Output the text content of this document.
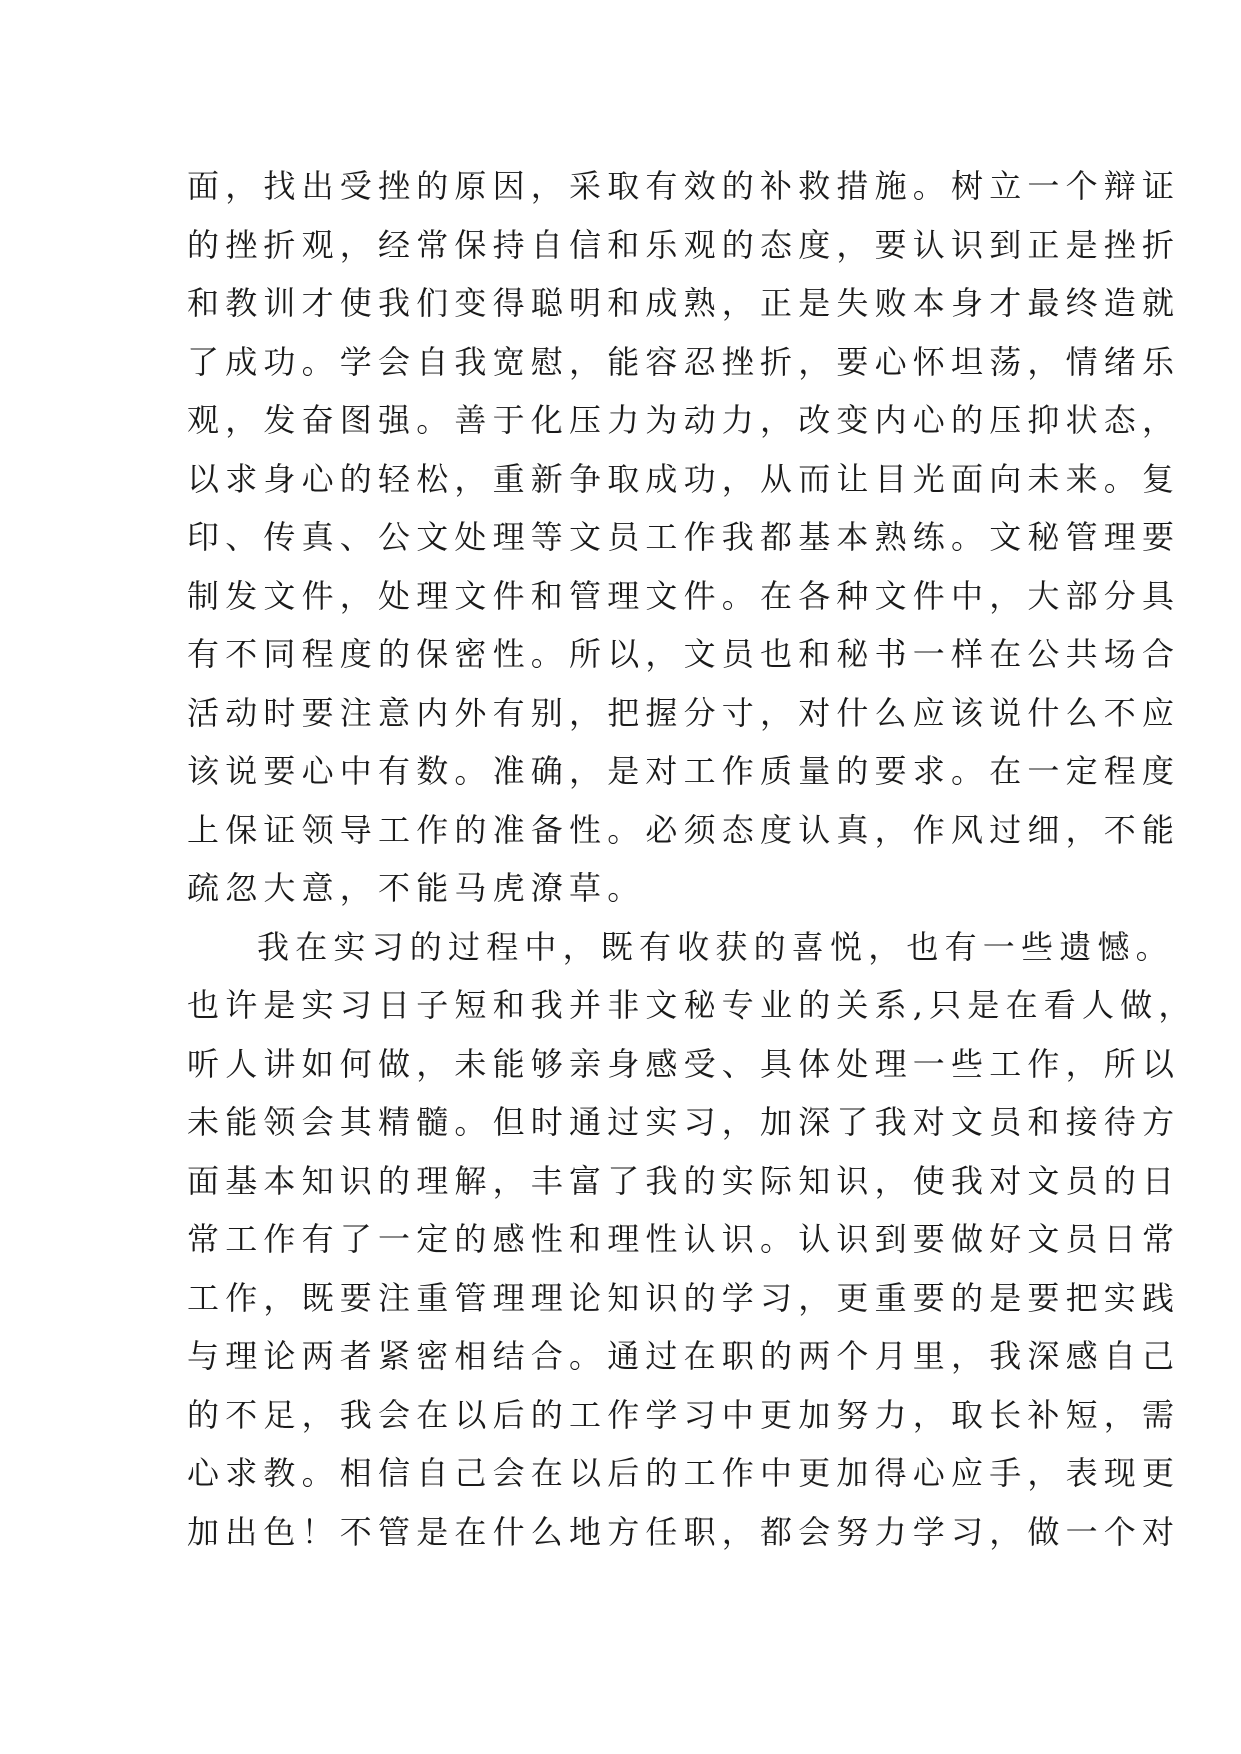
面，找出受挫的原因，采取有效的补救措施。树立一个辩证
的挫折观，经常保持自信和乐观的态度，要认识到正是挫折
和教训才使我们变得聪明和成熟，正是失败本身才最终造就
了成功。学会自我宽慰，能容忍挫折，要心怀坦荡，情绪乐
观，发奋图强。善于化压力为动力，改变内心的压抑状态，
以求身心的轻松，重新争取成功，从而让目光面向未来。复
印、传真、公文处理等文员工作我都基本熟练。文秘管理要
制发文件，处理文件和管理文件。在各种文件中，大部分具
有不同程度的保密性。所以，文员也和秘书一样在公共场合
活动时要注意内外有别，把握分寸，对什么应该说什么不应
该说要心中有数。准确，是对工作质量的要求。在一定程度
上保证领导工作的准备性。必须态度认真，作风过细，不能
疏忽大意，不能马虎潦草。
我在实习的过程中，既有收获的喜悦，也有一些遗憾。
也许是实习日子短和我并非文秘专业的关系,只是在看人做，
听人讲如何做，未能够亲身感受、具体处理一些工作，所以
未能领会其精髓。但时通过实习，加深了我对文员和接待方
面基本知识的理解，丰富了我的实际知识，使我对文员的日
常工作有了一定的感性和理性认识。认识到要做好文员日常
工作，既要注重管理理论知识的学习，更重要的是要把实践
与理论两者紧密相结合。通过在职的两个月里，我深感自己
的不足，我会在以后的工作学习中更加努力，取长补短，需
心求教。相信自己会在以后的工作中更加得心应手，表现更
加出色！不管是在什么地方任职，都会努力学习，做一个对
